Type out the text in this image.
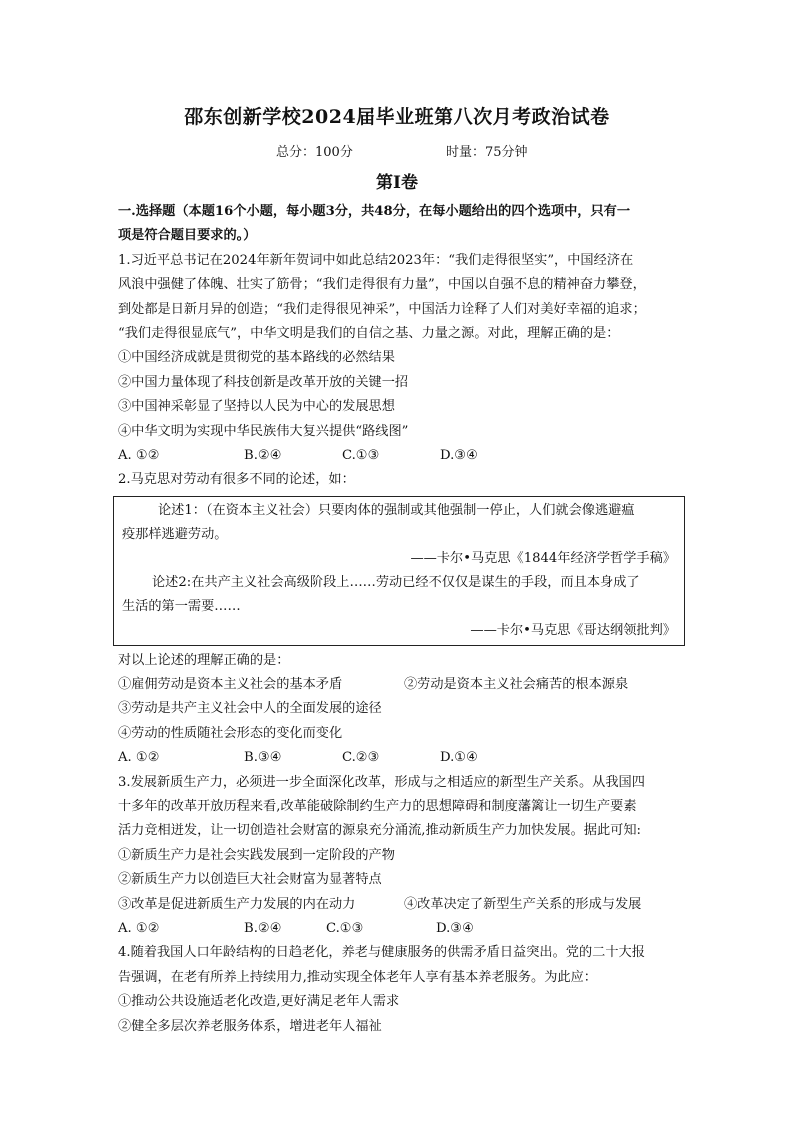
邵东创新学校2024届毕业班第八次月考政治试卷
总分：100分	时量：75分钟
第Ⅰ卷
一.选择题（本题16个小题，每小题3分，共48分，在每小题给出的四个选项中，只有一
项是符合题目要求的。）
1.习近平总书记在2024年新年贺词中如此总结2023年：“我们走得很坚实”，中国经济在
风浪中强健了体魄、壮实了筋骨；“我们走得很有力量”，中国以自强不息的精神奋力攀登，
到处都是日新月异的创造；“我们走得很见神采”，中国活力诠释了人们对美好幸福的追求；
“我们走得很显底气”，中华文明是我们的自信之基、力量之源。对此，理解正确的是：
①中国经济成就是贯彻党的基本路线的必然结果
②中国力量体现了科技创新是改革开放的关键一招
③中国神采彰显了坚持以人民为中心的发展思想
④中华文明为实现中华民族伟大复兴提供“路线图”
A. ①②	B.②④	C.①③	D.③④
2.马克思对劳动有很多不同的论述，如：
论述1：（在资本主义社会）只要肉体的强制或其他强制一停止，人们就会像逃避瘟
疫那样逃避劳动。
——卡尔•马克思《1844年经济学哲学手稿》
论述2:在共产主义社会高级阶段上……劳动已经不仅仅是谋生的手段，而且本身成了
生活的第一需要……
——卡尔•马克思《哥达纲领批判》
对以上论述的理解正确的是：
①雇佣劳动是资本主义社会的基本矛盾	②劳动是资本主义社会痛苦的根本源泉
③劳动是共产主义社会中人的全面发展的途径
④劳动的性质随社会形态的变化而变化
A. ①②	B.③④	C.②③	D.①④
3.发展新质生产力，必须进一步全面深化改革，形成与之相适应的新型生产关系。从我国四
十多年的改革开放历程来看,改革能破除制约生产力的思想障碍和制度藩篱让一切生产要素
活力竞相迸发，让一切创造社会财富的源泉充分涌流,推动新质生产力加快发展。据此可知:
①新质生产力是社会实践发展到一定阶段的产物
②新质生产力以创造巨大社会财富为显著特点
③改革是促进新质生产力发展的内在动力	④改革决定了新型生产关系的形成与发展
A. ①②	B.②④	C.①③	D.③④
4.随着我国人口年龄结构的日趋老化，养老与健康服务的供需矛盾日益突出。党的二十大报
告强调，在老有所养上持续用力,推动实现全体老年人享有基本养老服务。为此应：
①推动公共设施适老化改造,更好满足老年人需求
②健全多层次养老服务体系，增进老年人福祉
